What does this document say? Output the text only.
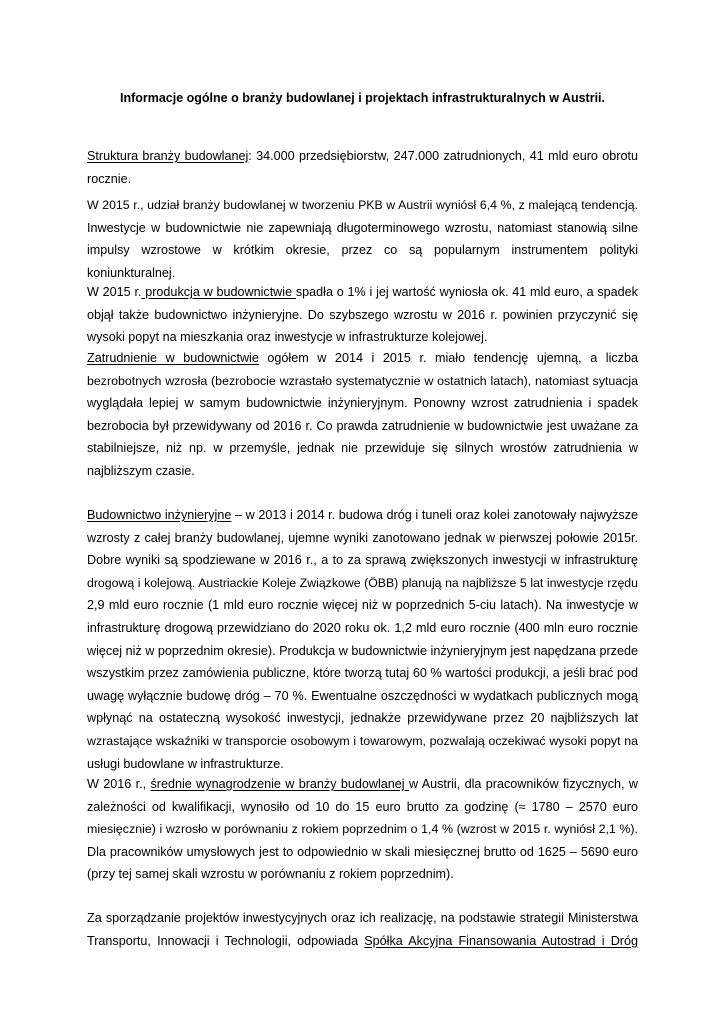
Informacje ogólne o branży budowlanej i projektach infrastrukturalnych w Austrii.
Struktura branży budowlanej: 34.000 przedsiębiorstw, 247.000 zatrudnionych, 41 mld euro obrotu
rocznie.
W 2015 r., udział branży budowlanej w tworzeniu PKB w Austrii wyniósł 6,4 %, z malejącą tendencją.
Inwestycje w budownictwie nie zapewniają długoterminowego wzrostu, natomiast stanowią silne
impulsy wzrostowe w krótkim okresie, przez co są popularnym instrumentem polityki
koniunkturalnej.
W 2015 r. produkcja w budownictwie spadła o 1% i jej wartość wyniosła ok. 41 mld euro, a spadek
objął także budownictwo inżynieryjne. Do szybszego wzrostu w 2016 r. powinien przyczynić się
wysoki popyt na mieszkania oraz inwestycje w infrastrukturze kolejowej.
Zatrudnienie w budownictwie ogółem w 2014 i 2015 r. miało tendencję ujemną, a liczba
bezrobotnych wzrosła (bezrobocie wzrastało systematycznie w ostatnich latach), natomiast sytuacja
wyglądała lepiej w samym budownictwie inżynieryjnym. Ponowny wzrost zatrudnienia i spadek
bezrobocia był przewidywany od 2016 r. Co prawda zatrudnienie w budownictwie jest uważane za
stabilniejsze, niż np. w przemyśle, jednak nie przewiduje się silnych wrostów zatrudnienia w
najbliższym czasie.
Budownictwo inżynieryjne – w 2013 i 2014 r. budowa dróg i tuneli oraz kolei zanotowały najwyższe
wzrosty z całej branży budowlanej, ujemne wyniki zanotowano jednak w pierwszej połowie 2015r.
Dobre wyniki są spodziewane w 2016 r., a to za sprawą zwiększonych inwestycji w infrastrukturę
drogową i kolejową. Austriackie Koleje Związkowe (ÖBB) planują na najbliższe 5 lat inwestycje rzędu
2,9 mld euro rocznie (1 mld euro rocznie więcej niż w poprzednich 5-ciu latach). Na inwestycje w
infrastrukturę drogową przewidziano do 2020 roku ok. 1,2 mld euro rocznie (400 mln euro rocznie
więcej niż w poprzednim okresie). Produkcja w budownictwie inżynieryjnym jest napędzana przede
wszystkim przez zamówienia publiczne, które tworzą tutaj 60 % wartości produkcji, a jeśli brać pod
uwagę wyłącznie budowę dróg – 70 %. Ewentualne oszczędności w wydatkach publicznych mogą
wpłynąć na ostateczną wysokość inwestycji, jednakże przewidywane przez 20 najbliższych lat
wzrastające wskaźniki w transporcie osobowym i towarowym, pozwalają oczekiwać wysoki popyt na
usługi budowlane w infrastrukturze.
W 2016 r., średnie wynagrodzenie w branży budowlanej w Austrii, dla pracowników fizycznych, w
zależności od kwalifikacji, wynosiło od 10 do 15 euro brutto za godzinę (≈ 1780 – 2570 euro
miesięcznie) i wzrosło w porównaniu z rokiem poprzednim o 1,4 % (wzrost w 2015 r. wyniósł 2,1 %).
Dla pracowników umysłowych jest to odpowiednio w skali miesięcznej brutto od 1625 – 5690 euro
(przy tej samej skali wzrostu w porównaniu z rokiem poprzednim).
Za sporządzanie projektów inwestycyjnych oraz ich realizację, na podstawie strategii Ministerstwa
Transportu, Innowacji i Technologii, odpowiada Spółka Akcyjna Finansowania Autostrad i Dróg
